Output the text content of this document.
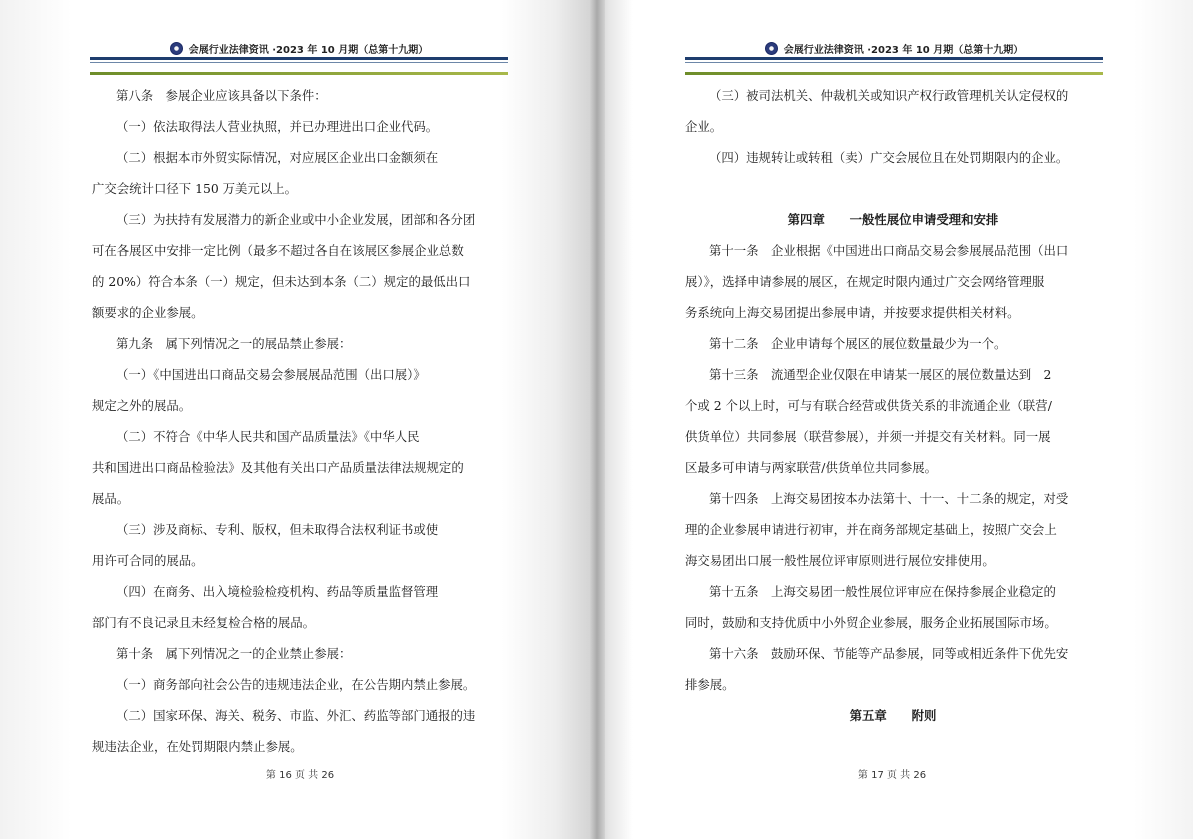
会展行业法律资讯 ·2023 年 10 月期（总第十九期）
第八条　参展企业应该具备以下条件：
（一）依法取得法人营业执照，并已办理进出口企业代码。
（二）根据本市外贸实际情况，对应展区企业出口金额须在
广交会统计口径下 150 万美元以上。
（三）为扶持有发展潜力的新企业或中小企业发展，团部和各分团
可在各展区中安排一定比例（最多不超过各自在该展区参展企业总数
的 20%）符合本条（一）规定，但未达到本条（二）规定的最低出口
额要求的企业参展。
第九条　属下列情况之一的展品禁止参展：
（一）《中国进出口商品交易会参展展品范围（出口展）》
规定之外的展品。
（二）不符合《中华人民共和国产品质量法》《中华人民
共和国进出口商品检验法》及其他有关出口产品质量法律法规规定的
展品。
（三）涉及商标、专利、版权，但未取得合法权利证书或使
用许可合同的展品。
（四）在商务、出入境检验检疫机构、药品等质量监督管理
部门有不良记录且未经复检合格的展品。
第十条　属下列情况之一的企业禁止参展：
（一）商务部向社会公告的违规违法企业，在公告期内禁止参展。
（二）国家环保、海关、税务、市监、外汇、药监等部门通报的违
规违法企业，在处罚期限内禁止参展。
第 16 页 共 26
会展行业法律资讯 ·2023 年 10 月期（总第十九期）
（三）被司法机关、仲裁机关或知识产权行政管理机关认定侵权的
企业。
（四）违规转让或转租（卖）广交会展位且在处罚期限内的企业。
第四章　　一般性展位申请受理和安排
第十一条　企业根据《中国进出口商品交易会参展展品范围（出口
展）》，选择申请参展的展区，在规定时限内通过广交会网络管理服
务系统向上海交易团提出参展申请，并按要求提供相关材料。
第十二条　企业申请每个展区的展位数量最少为一个。
第十三条　流通型企业仅限在申请某一展区的展位数量达到　2
个或 2 个以上时，可与有联合经营或供货关系的非流通企业（联营/
供货单位）共同参展（联营参展），并须一并提交有关材料。同一展
区最多可申请与两家联营/供货单位共同参展。
第十四条　上海交易团按本办法第十、十一、十二条的规定，对受
理的企业参展申请进行初审，并在商务部规定基础上，按照广交会上
海交易团出口展一般性展位评审原则进行展位安排使用。
第十五条　上海交易团一般性展位评审应在保持参展企业稳定的
同时，鼓励和支持优质中小外贸企业参展，服务企业拓展国际市场。
第十六条　鼓励环保、节能等产品参展，同等或相近条件下优先安
排参展。
第五章　　附则
第 17 页 共 26
